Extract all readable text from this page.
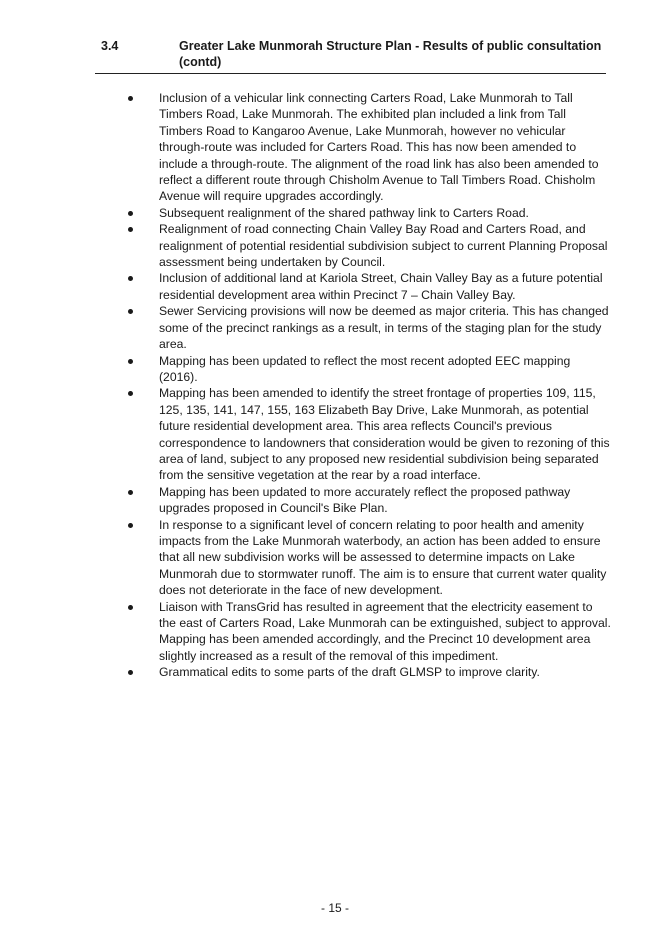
3.4	Greater Lake Munmorah Structure Plan - Results of public consultation (contd)
Inclusion of a vehicular link connecting Carters Road, Lake Munmorah to Tall Timbers Road, Lake Munmorah. The exhibited plan included a link from Tall Timbers Road to Kangaroo Avenue, Lake Munmorah, however no vehicular through-route was included for Carters Road. This has now been amended to include a through-route. The alignment of the road link has also been amended to reflect a different route through Chisholm Avenue to Tall Timbers Road. Chisholm Avenue will require upgrades accordingly.
Subsequent realignment of the shared pathway link to Carters Road.
Realignment of road connecting Chain Valley Bay Road and Carters Road, and realignment of potential residential subdivision subject to current Planning Proposal assessment being undertaken by Council.
Inclusion of additional land at Kariola Street, Chain Valley Bay as a future potential residential development area within Precinct 7 – Chain Valley Bay.
Sewer Servicing provisions will now be deemed as major criteria. This has changed some of the precinct rankings as a result, in terms of the staging plan for the study area.
Mapping has been updated to reflect the most recent adopted EEC mapping (2016).
Mapping has been amended to identify the street frontage of properties 109, 115, 125, 135, 141, 147, 155, 163 Elizabeth Bay Drive, Lake Munmorah, as potential future residential development area. This area reflects Council's previous correspondence to landowners that consideration would be given to rezoning of this area of land, subject to any proposed new residential subdivision being separated from the sensitive vegetation at the rear by a road interface.
Mapping has been updated to more accurately reflect the proposed pathway upgrades proposed in Council's Bike Plan.
In response to a significant level of concern relating to poor health and amenity impacts from the Lake Munmorah waterbody, an action has been added to ensure that all new subdivision works will be assessed to determine impacts on Lake Munmorah due to stormwater runoff. The aim is to ensure that current water quality does not deteriorate in the face of new development.
Liaison with TransGrid has resulted in agreement that the electricity easement to the east of Carters Road, Lake Munmorah can be extinguished, subject to approval. Mapping has been amended accordingly, and the Precinct 10 development area slightly increased as a result of the removal of this impediment.
Grammatical edits to some parts of the draft GLMSP to improve clarity.
- 15 -
